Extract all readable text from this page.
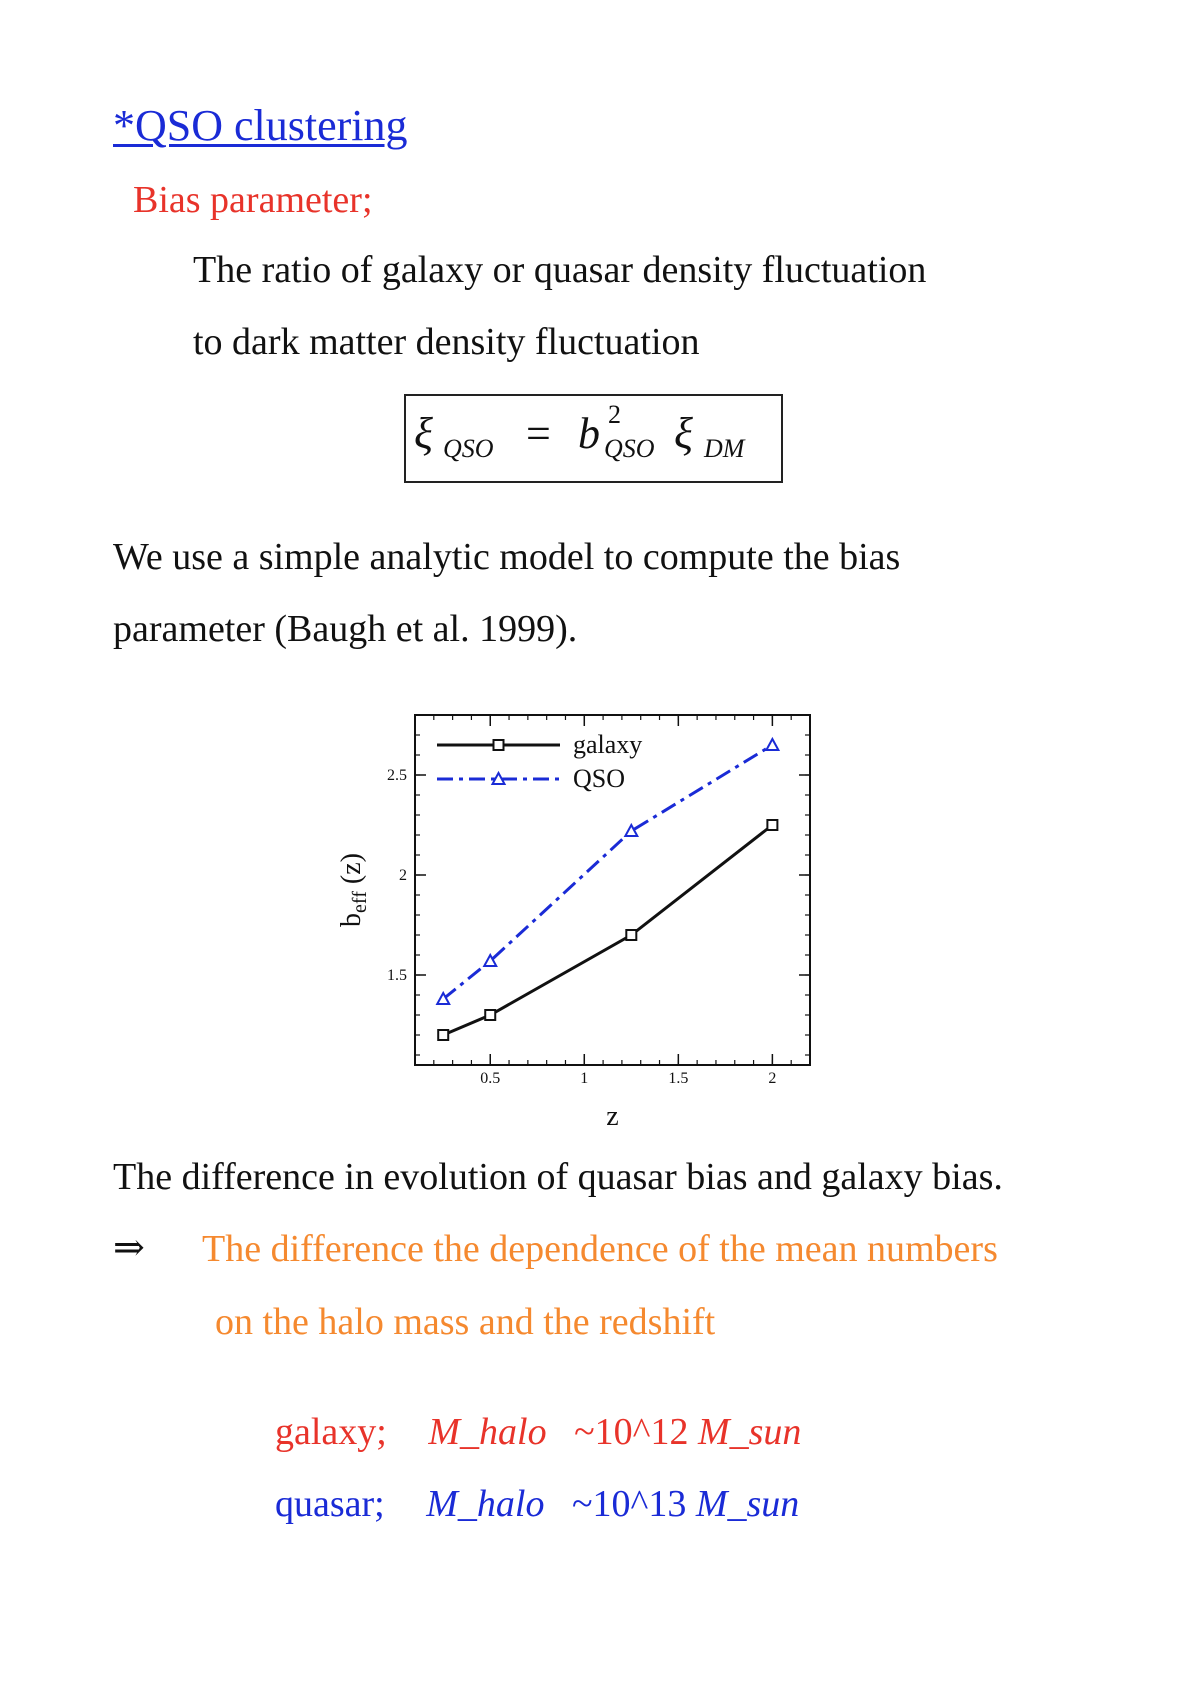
*QSO clustering
Bias parameter;
The ratio of galaxy or quasar density fluctuation
to dark matter density fluctuation
ξ QSO = b 2
QSO ξ DM
We use a simple analytic model to compute the bias
parameter (Baugh et al. 1999).
0.5	1	1.5	2
1.5
2
2.5
z
$b_{eff}$ (z)
galaxy
QSO
The difference in evolution of quasar bias and galaxy bias.
⇒ The difference the dependence of the mean numbers
on the halo mass and the redshift
galaxy; M_halo ~10^12 M_sun
quasar; M_halo ~10^13 M_sun
